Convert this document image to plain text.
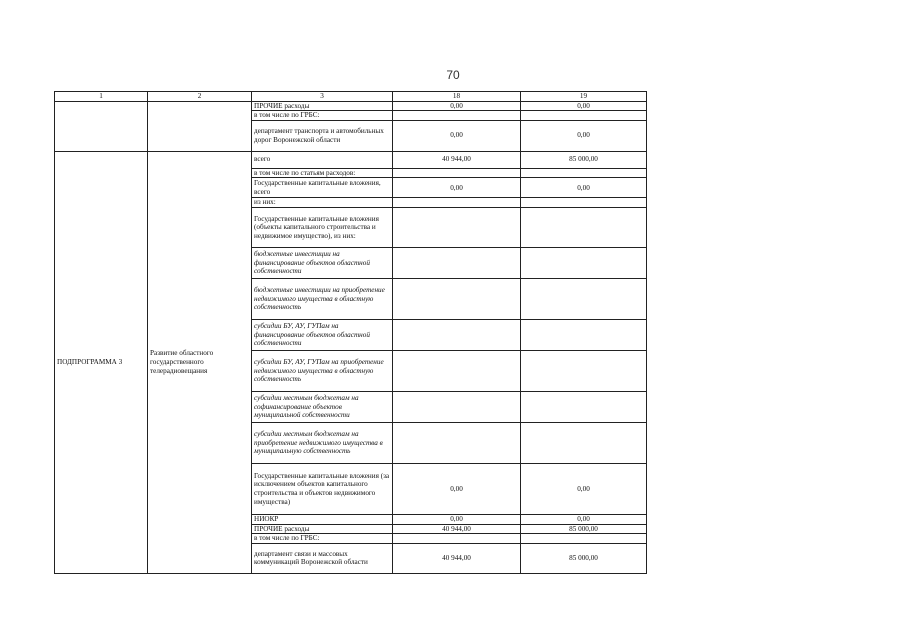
70
1	2	3	18	19
		ПРОЧИЕ расходы	0,00	0,00
		в том числе по ГРБС:		
		департамент транспорта и автомобильных дорог Воронежской области	0,00	0,00
ПОДПРОГРАММА 3	Развитие областного государственного телерадиовещания	всего	40 944,00	85 000,00
		в том числе по статьям расходов:		
		Государственные капитальные вложения, всего	0,00	0,00
		из них:		
		Государственные капитальные вложения (объекты капитального строительства и недвижимое имущество), из них:		
		бюджетные инвестиции на финансирование объектов областной собственности		
		бюджетные инвестиции на приобретение недвижимого имущества в областную собственность		
		субсидии БУ, АУ, ГУПам на финансирование объектов областной собственности		
		субсидии БУ, АУ, ГУПам на приобретение недвижимого имущества в областную собственность		
		субсидии местным бюджетам на софинансирование объектов муниципальной собственности		
		субсидии местным бюджетам на приобретение недвижимого имущества в муниципальную собственность		
		Государственные капитальные вложения (за исключением объектов капитального строительства и объектов недвижимого имущества)	0,00	0,00
		НИОКР	0,00	0,00
		ПРОЧИЕ расходы	40 944,00	85 000,00
		в том числе по ГРБС:		
		департамент связи и массовых коммуникаций Воронежской области	40 944,00	85 000,00
